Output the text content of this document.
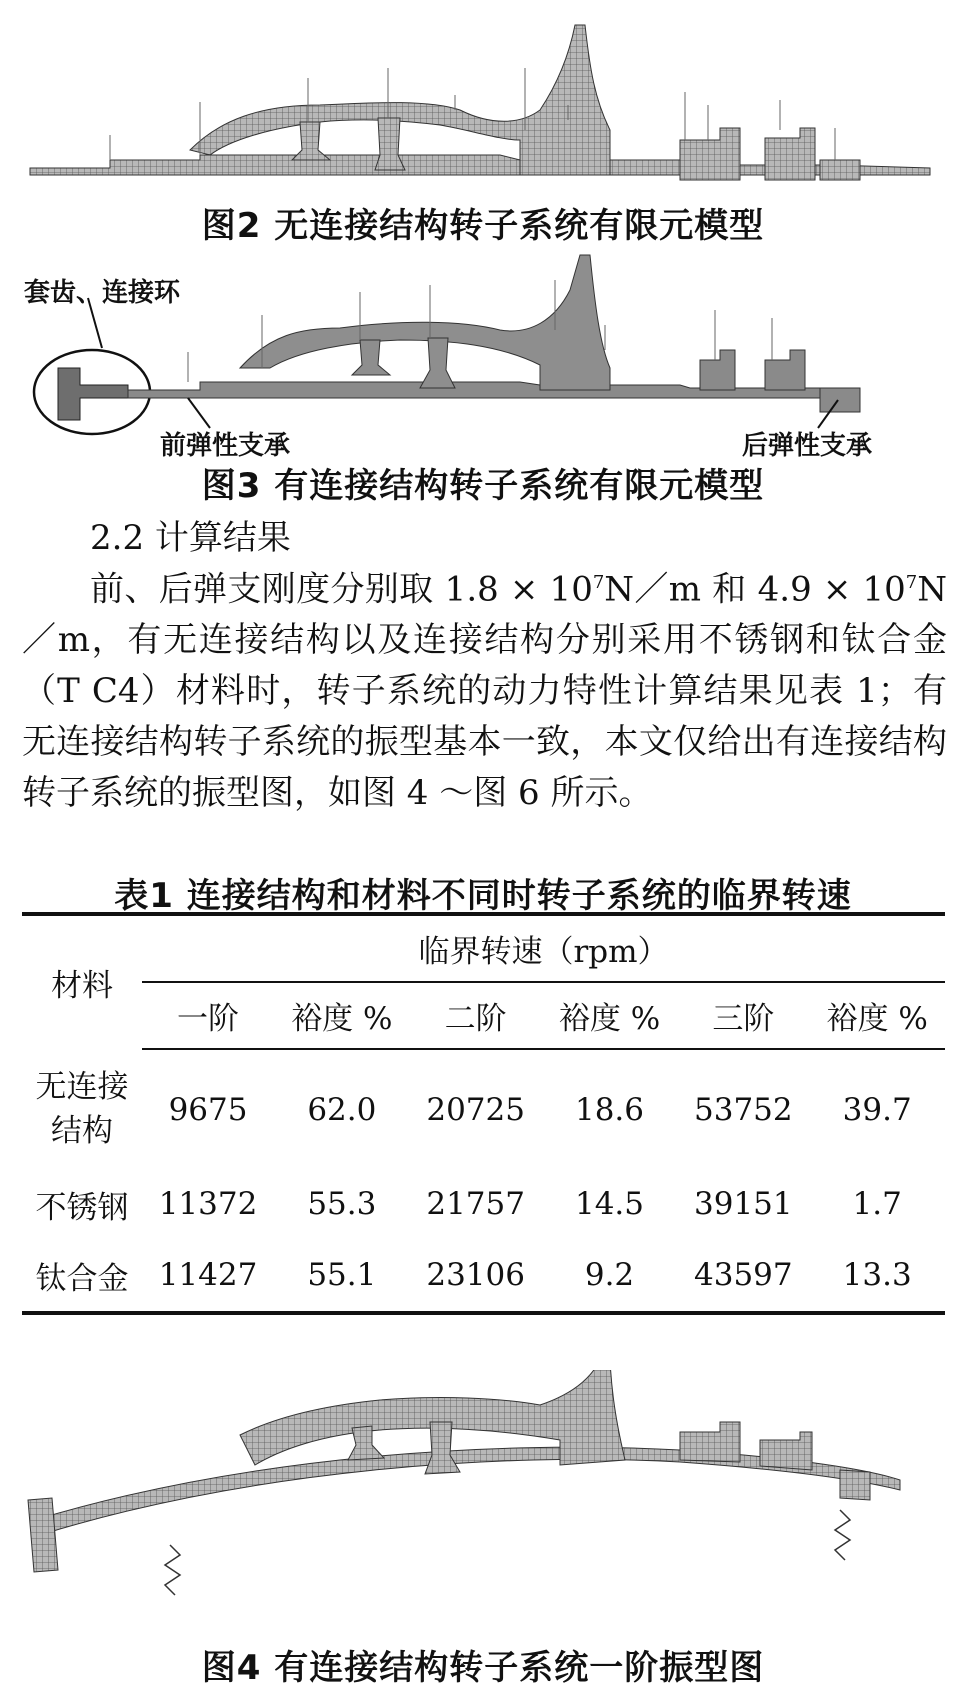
图2 无连接结构转子系统有限元模型
套齿、连接环
前弹性支承	后弹性支承
图3 有连接结构转子系统有限元模型
2.2 计算结果

前、后弹支刚度分别取 $1.8 \times 10^7N/m$ 和 $4.9 \times 10^7N/m$，有无连接结构以及连接结构分别采用不锈钢和钛合金（T C4）材料时，转子系统的动力特性计算结果见表 1；有无连接结构转子系统的振型基本一致，本文仅给出有连接结构转子系统的振型图，如图 4 ～图 6 所示。

表1 连接结构和材料不同时转子系统的临界转速
材料	临界转速（rpm）					
	一阶	裕度 %	二阶	裕度 %	三阶	裕度 %
无连接
结构	9675	62.0	20725	18.6	53752	39.7
不锈钢	11372	55.3	21757	14.5	39151	1.7
钛合金	11427	55.1	23106	9.2	43597	13.3
图4 有连接结构转子系统一阶振型图
